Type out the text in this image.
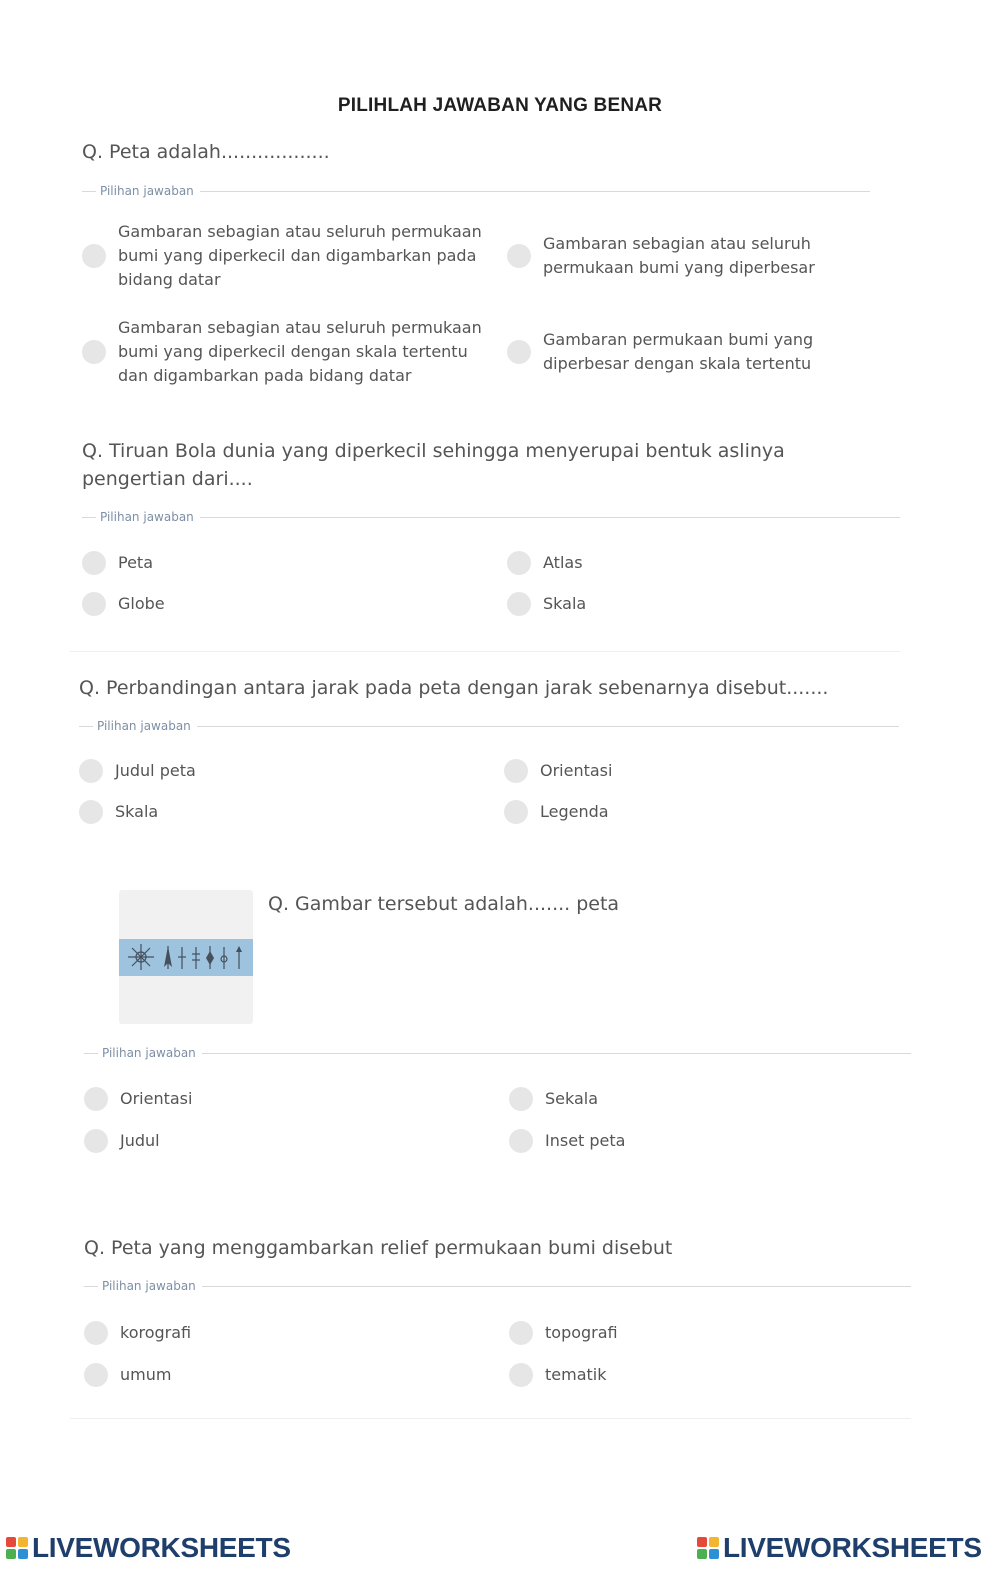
PILIHLAH JAWABAN YANG BENAR

Q. Peta adalah..................

Pilihan jawaban
Gambaran sebagian atau seluruh permukaan bumi yang diperkecil dan digambarkan pada bidang datar
Gambaran sebagian atau seluruh permukaan bumi yang diperbesar
Gambaran sebagian atau seluruh permukaan bumi yang diperkecil dengan skala tertentu dan digambarkan pada bidang datar
Gambaran permukaan bumi yang diperbesar dengan skala tertentu

Q. Tiruan Bola dunia yang diperkecil sehingga menyerupai bentuk aslinya pengertian dari....

Pilihan jawaban
Peta	Atlas
Globe	Skala

Q. Perbandingan antara jarak pada peta dengan jarak sebenarnya disebut.......

Pilihan jawaban
Judul peta	Orientasi
Skala	Legenda

Q. Gambar tersebut adalah....... peta

Pilihan jawaban
Orientasi	Sekala
Judul	Inset peta

Q. Peta yang menggambarkan relief permukaan bumi disebut

Pilihan jawaban
korografi	topografi
umum	tematik
LIVEWORKSHEETS	LIVEWORKSHEETS
